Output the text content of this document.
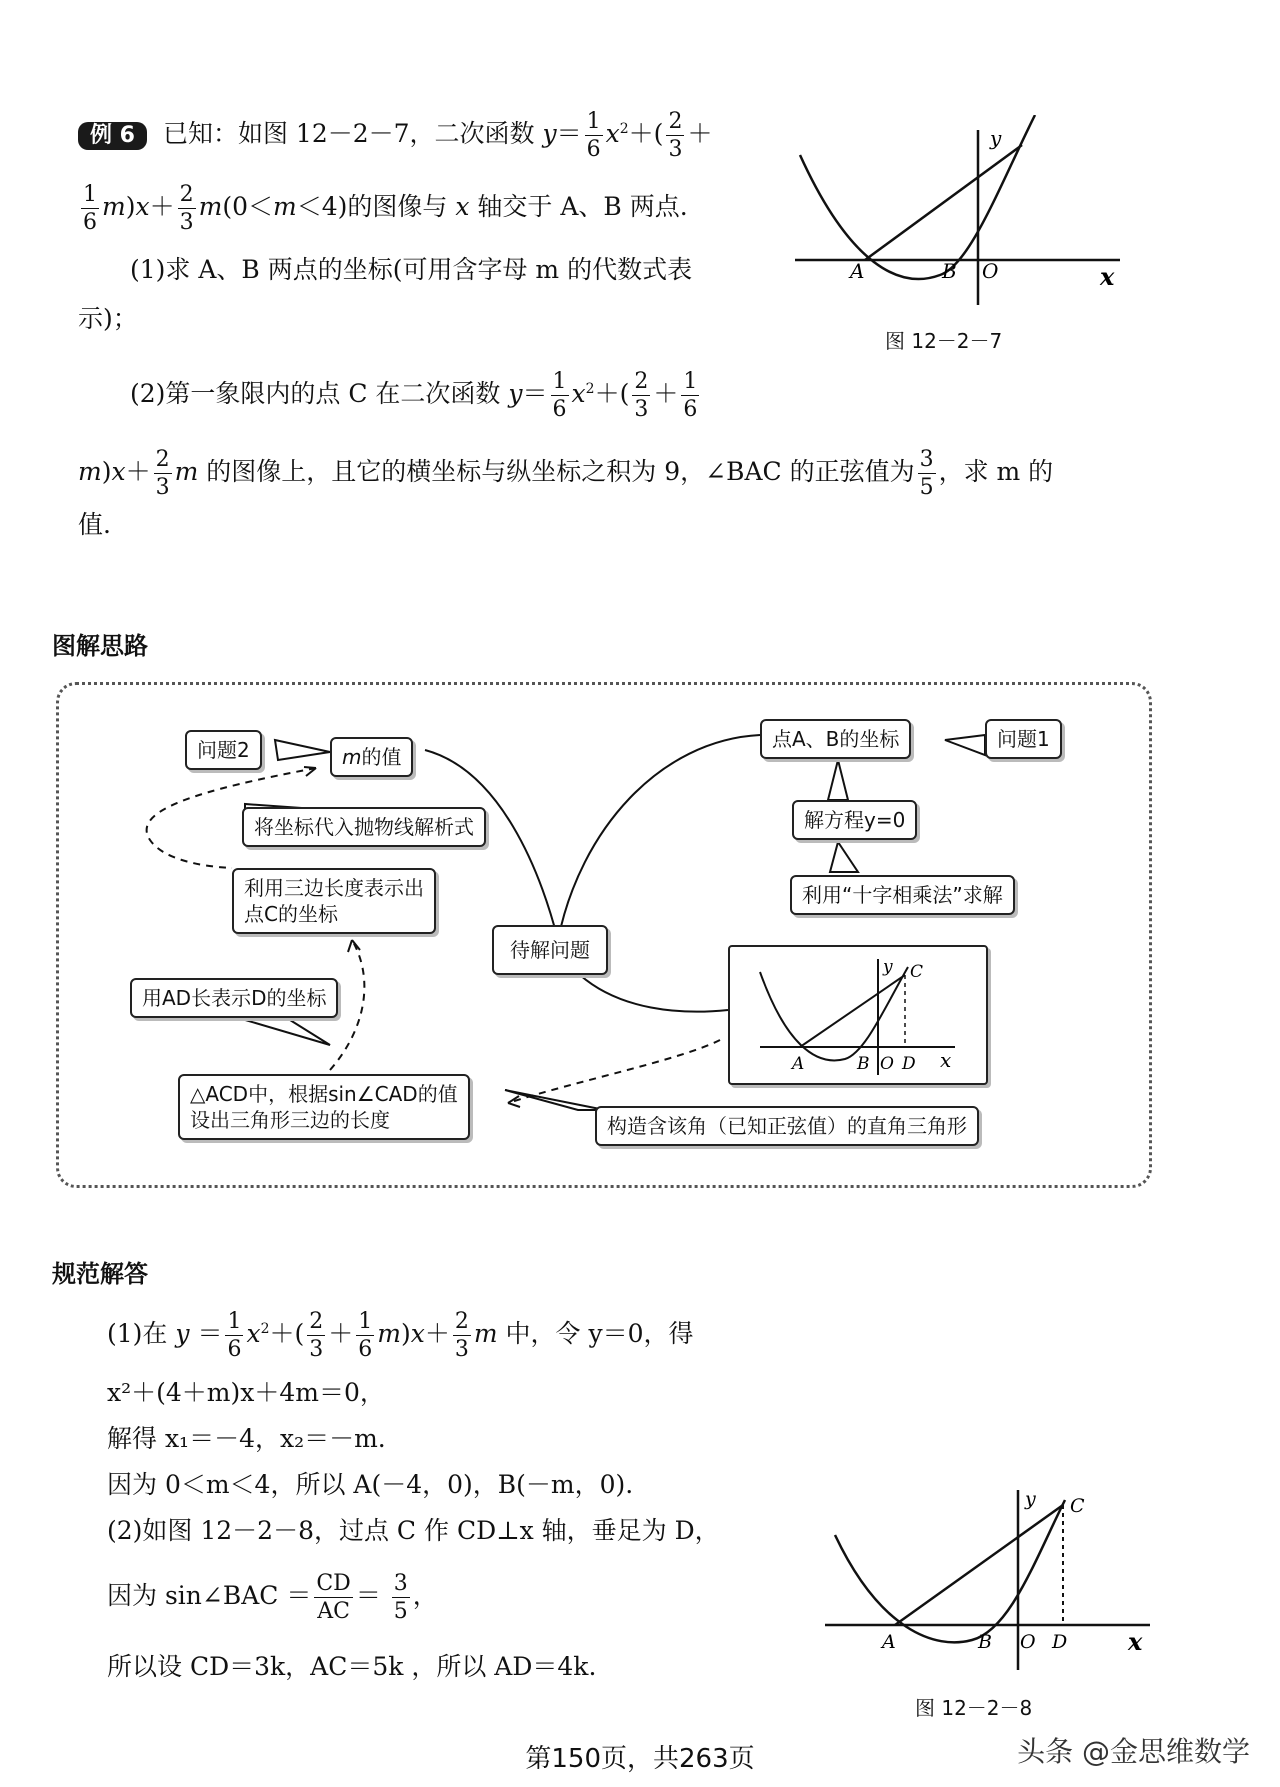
例 6 已知：如图 12－2－7，二次函数 $y= \frac{1}{6} x^2+( \frac{2}{3}$ ＋
$\frac{1}{6} m)x+ \frac{2}{3} m(0<m<4)$的图像与 x 轴交于 A、B 两点.
(1)求 A、B 两点的坐标(可用含字母 m 的代数式表
示)；
(2)第一象限内的点 C 在二次函数 $y= \frac{1}{6} x^2+( \frac{2}{3} + \frac{1}{6}$
$m)x+ \frac{2}{3}$ m 的图像上，且它的横坐标与纵坐标之积为 9，∠BAC 的正弦值为 $\frac{3}{5}$ ，求 m 的
值.
y
x
A	B O
图 12－2－7
图解思路
m的值
问题2
将坐标代入抛物线解析式
利用三边长度表示出
点C的坐标
待解问题
用AD长表示D的坐标
△ACD中，根据sin∠CAD的值
设出三角形三边的长度	构造含该角（已知正弦值）的直角三角形
点A、B的坐标	问题1
解方程y=0
利用“十字相乘法”求解
y C
A	B O D x
规范解答
(1)在 $y = \frac{1}{6} x^2+( \frac{2}{3} + \frac{1}{6} m)x+ \frac{2}{3}$ m 中，令 y＝0，得
x²＋(4＋m)x＋4m＝0，
解得 x₁＝－4，x₂＝－m.
因为 0＜m＜4，所以 A(－4，0)，B(－m，0).
(2)如图 12－2－8，过点 C 作 CD⊥x 轴，垂足为 D，
因为 sin∠BAC ＝ $\frac{CD}{AC} = \frac{3}{5}$ ，
所以设 CD＝3k，AC＝5k ，所以 AD＝4k.
y C
A	B O D	x
图 12－2－8
第150页，共263页	头条 @金思维数学
